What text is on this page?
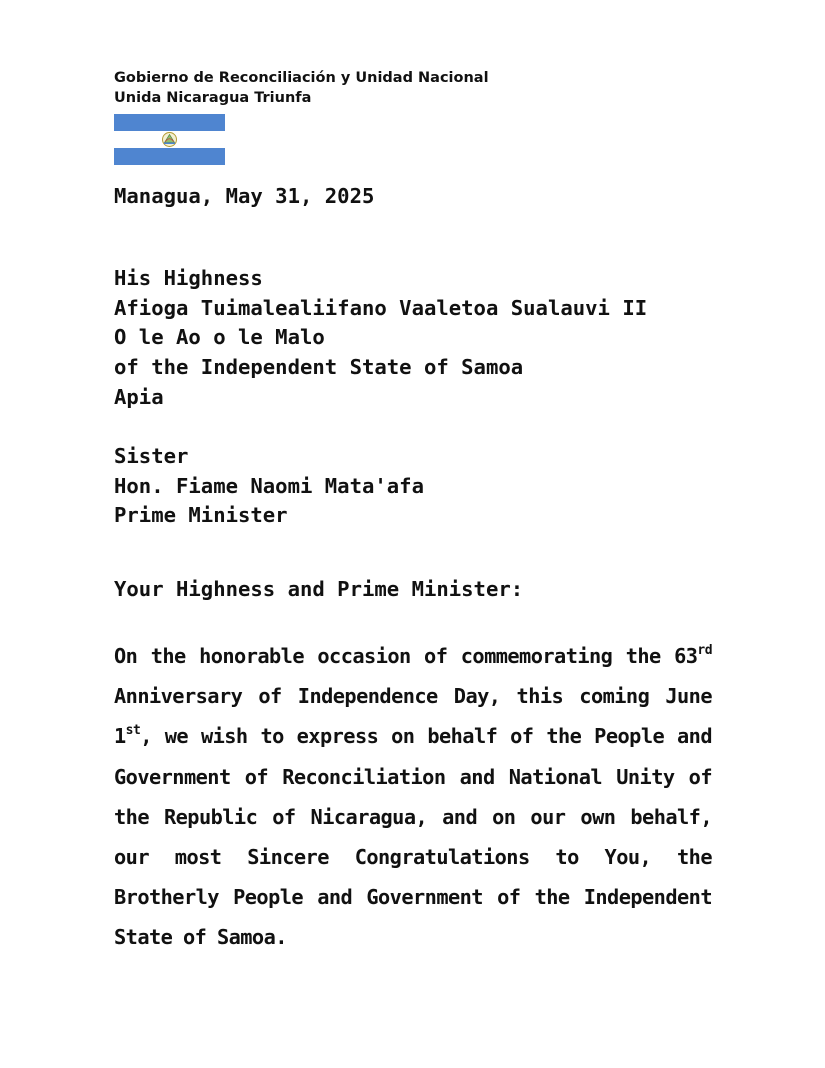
Gobierno de Reconciliación y Unidad Nacional
Unida Nicaragua Triunfa
Managua, May 31, 2025
His Highness
Afioga Tuimalealiifano Vaaletoa Sualauvi II
O le Ao o le Malo
of the Independent State of Samoa
Apia
Sister
Hon. Fiame Naomi Mata'afa
Prime Minister
Your Highness and Prime Minister:
On the honorable occasion of commemorating the 63rd Anniversary of Independence Day, this coming June 1st, we wish to express on behalf of the People and Government of Reconciliation and National Unity of the Republic of Nicaragua, and on our own behalf, our most Sincere Congratulations to You, the Brotherly People and Government of the Independent State of Samoa.
